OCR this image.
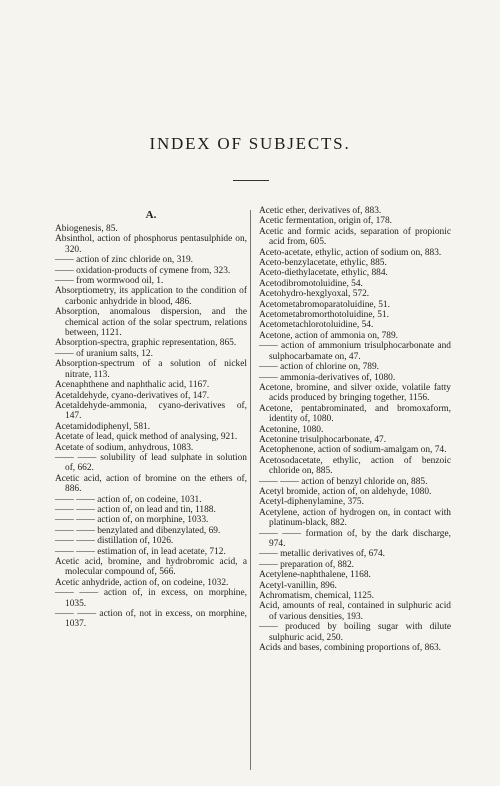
INDEX OF SUBJECTS.
A.
Abiogenesis, 85.
Absinthol, action of phosphorus pentasulphide on, 320.
—— action of zinc chloride on, 319.
—— oxidation-products of cymene from, 323.
—— from wormwood oil, 1.
Absorptiometry, its application to the condition of carbonic anhydride in blood, 486.
Absorption, anomalous dispersion, and the chemical action of the solar spectrum, relations between, 1121.
Absorption-spectra, graphic representation, 865.
—— of uranium salts, 12.
Absorption-spectrum of a solution of nickel nitrate, 113.
Acenaphthene and naphthalic acid, 1167.
Acetaldehyde, cyano-derivatives of, 147.
Acetaldehyde-ammonia, cyano-derivatives of, 147.
Acetamidodiphenyl, 581.
Acetate of lead, quick method of analysing, 921.
Acetate of sodium, anhydrous, 1083.
—— —— solubility of lead sulphate in solution of, 662.
Acetic acid, action of bromine on the ethers of, 886.
—— —— action of, on codeine, 1031.
—— —— action of, on lead and tin, 1188.
—— —— action of, on morphine, 1033.
—— —— benzylated and dibenzylated, 69.
—— —— distillation of, 1026.
—— —— estimation of, in lead acetate, 712.
Acetic acid, bromine, and hydrobromic acid, a molecular compound of, 566.
Acetic anhydride, action of, on codeine, 1032.
—— —— action of, in excess, on morphine, 1035.
—— —— action of, not in excess, on morphine, 1037.
Acetic ether, derivatives of, 883.
Acetic fermentation, origin of, 178.
Acetic and formic acids, separation of propionic acid from, 605.
Aceto-acetate, ethylic, action of sodium on, 883.
Aceto-benzylacetate, ethylic, 885.
Aceto-diethylacetate, ethylic, 884.
Acetodibromotoluidine, 54.
Acetohydro-hexglyoxal, 572.
Acetometabromoparatoluidine, 51.
Acetometabromorthotoluidine, 51.
Acetometachlorotoluidine, 54.
Acetone, action of ammonia on, 789.
—— action of ammonium trisulphocarbonate and sulphocarbamate on, 47.
—— action of chlorine on, 789.
—— ammonia-derivatives of, 1080.
Acetone, bromine, and silver oxide, volatile fatty acids produced by bringing together, 1156.
Acetone, pentabrominated, and bromoxaform, identity of, 1080.
Acetonine, 1080.
Acetonine trisulphocarbonate, 47.
Acetophenone, action of sodium-amalgam on, 74.
Acetosodacetate, ethylic, action of benzoic chloride on, 885.
—— —— action of benzyl chloride on, 885.
Acetyl bromide, action of, on aldehyde, 1080.
Acetyl-diphenylamine, 375.
Acetylene, action of hydrogen on, in contact with platinum-black, 882.
—— —— formation of, by the dark discharge, 974.
—— metallic derivatives of, 674.
—— preparation of, 882.
Acetylene-naphthalene, 1168.
Acetyl-vanillin, 896.
Achromatism, chemical, 1125.
Acid, amounts of real, contained in sulphuric acid of various densities, 193.
—— produced by boiling sugar with dilute sulphuric acid, 250.
Acids and bases, combining proportions of, 863.
